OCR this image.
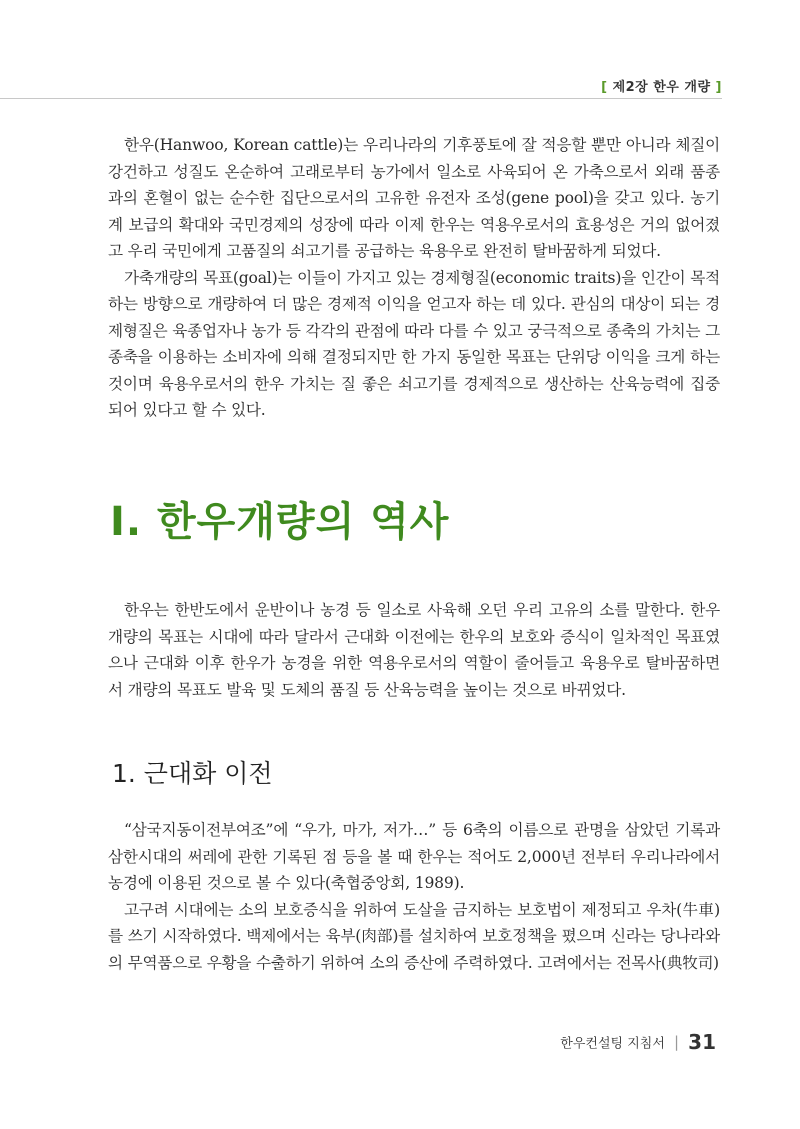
[ 제2장 한우 개량 ]

한우(Hanwoo, Korean cattle)는 우리나라의 기후풍토에 잘 적응할 뿐만 아니라 체질이 강건하고 성질도 온순하여 고래로부터 농가에서 일소로 사육되어 온 가축으로서 외래 품종과의 혼혈이 없는 순수한 집단으로서의 고유한 유전자 조성(gene pool)을 갖고 있다. 농기계 보급의 확대와 국민경제의 성장에 따라 이제 한우는 역용우로서의 효용성은 거의 없어졌고 우리 국민에게 고품질의 쇠고기를 공급하는 육용우로 완전히 탈바꿈하게 되었다.

가축개량의 목표(goal)는 이들이 가지고 있는 경제형질(economic traits)을 인간이 목적하는 방향으로 개량하여 더 많은 경제적 이익을 얻고자 하는 데 있다. 관심의 대상이 되는 경제형질은 육종업자나 농가 등 각각의 관점에 따라 다를 수 있고 궁극적으로 종축의 가치는 그 종축을 이용하는 소비자에 의해 결정되지만 한 가지 동일한 목표는 단위당 이익을 크게 하는 것이며 육용우로서의 한우 가치는 질 좋은 쇠고기를 경제적으로 생산하는 산육능력에 집중되어 있다고 할 수 있다.

Ⅰ. 한우개량의 역사

한우는 한반도에서 운반이나 농경 등 일소로 사육해 오던 우리 고유의 소를 말한다. 한우개량의 목표는 시대에 따라 달라서 근대화 이전에는 한우의 보호와 증식이 일차적인 목표였으나 근대화 이후 한우가 농경을 위한 역용우로서의 역할이 줄어들고 육용우로 탈바꿈하면서 개량의 목표도 발육 및 도체의 품질 등 산육능력을 높이는 것으로 바뀌었다.

1. 근대화 이전

“삼국지동이전부여조”에 “우가, 마가, 저가…” 등 6축의 이름으로 관명을 삼았던 기록과 삼한시대의 써레에 관한 기록된 점 등을 볼 때 한우는 적어도 2,000년 전부터 우리나라에서 농경에 이용된 것으로 볼 수 있다(축협중앙회, 1989).

고구려 시대에는 소의 보호증식을 위하여 도살을 금지하는 보호법이 제정되고 우차(牛車)를 쓰기 시작하였다. 백제에서는 육부(肉部)를 설치하여 보호정책을 폈으며 신라는 당나라와의 무역품으로 우황을 수출하기 위하여 소의 증산에 주력하였다. 고려에서는 전목사(典牧司)

한우컨설팅 지침서 | 31
